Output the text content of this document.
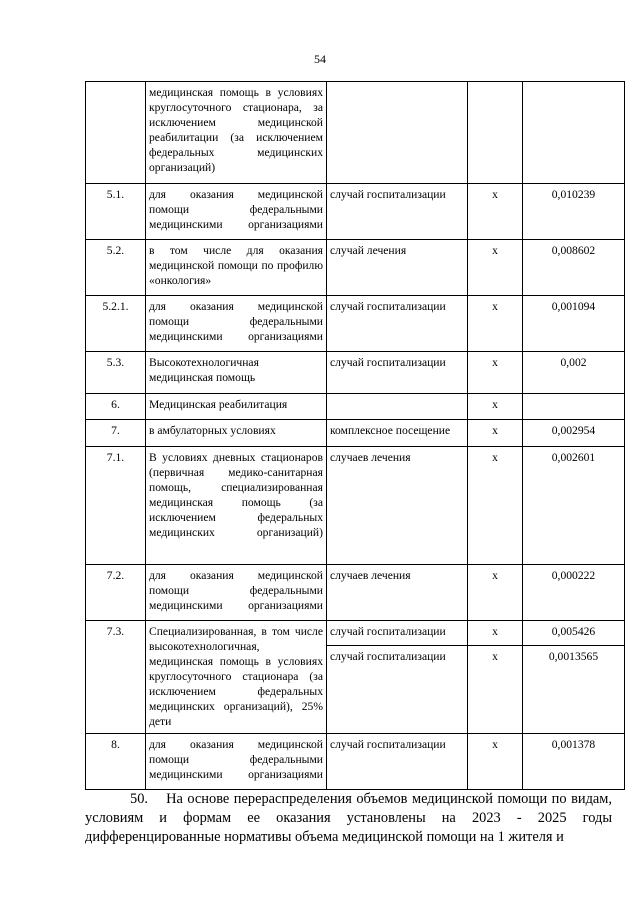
54
	медицинская помощь в условиях круглосуточного стационара, за исключением медицинской реабилитации (за исключением федеральных медицинских организаций)			
5.1.	для оказания медицинской помощи федеральными медицинскими организациями	случай госпитализации	x	0,010239
5.2.	в том числе для оказания медицинской помощи по профилю «онкология»	случай лечения	x	0,008602
5.2.1.	для оказания медицинской помощи федеральными медицинскими организациями	случай госпитализации	x	0,001094
5.3.	Высокотехнологичная медицинская помощь	случай госпитализации	x	0,002
6.	Медицинская реабилитация		x	
7.	в амбулаторных условиях	комплексное посещение	x	0,002954
7.1.	В условиях дневных стационаров (первичная медико-санитарная помощь, специализированная медицинская помощь (за исключением федеральных медицинских организаций)	случаев лечения	x	0,002601
7.2.	для оказания медицинской помощи федеральными медицинскими организациями	случаев лечения	x	0,000222
7.3.	Специализированная, в том числе высокотехнологичная, медицинская помощь в условиях круглосуточного стационара (за исключением федеральных медицинских организаций), 25% дети	случай госпитализации	x	0,005426
		случай госпитализации	x	0,0013565
8.	для оказания медицинской помощи федеральными медицинскими организациями	случай госпитализации	x	0,001378
50. На основе перераспределения объемов медицинской помощи по видам, условиям и формам ее оказания установлены на 2023 - 2025 годы дифференцированные нормативы объема медицинской помощи на 1 жителя и
